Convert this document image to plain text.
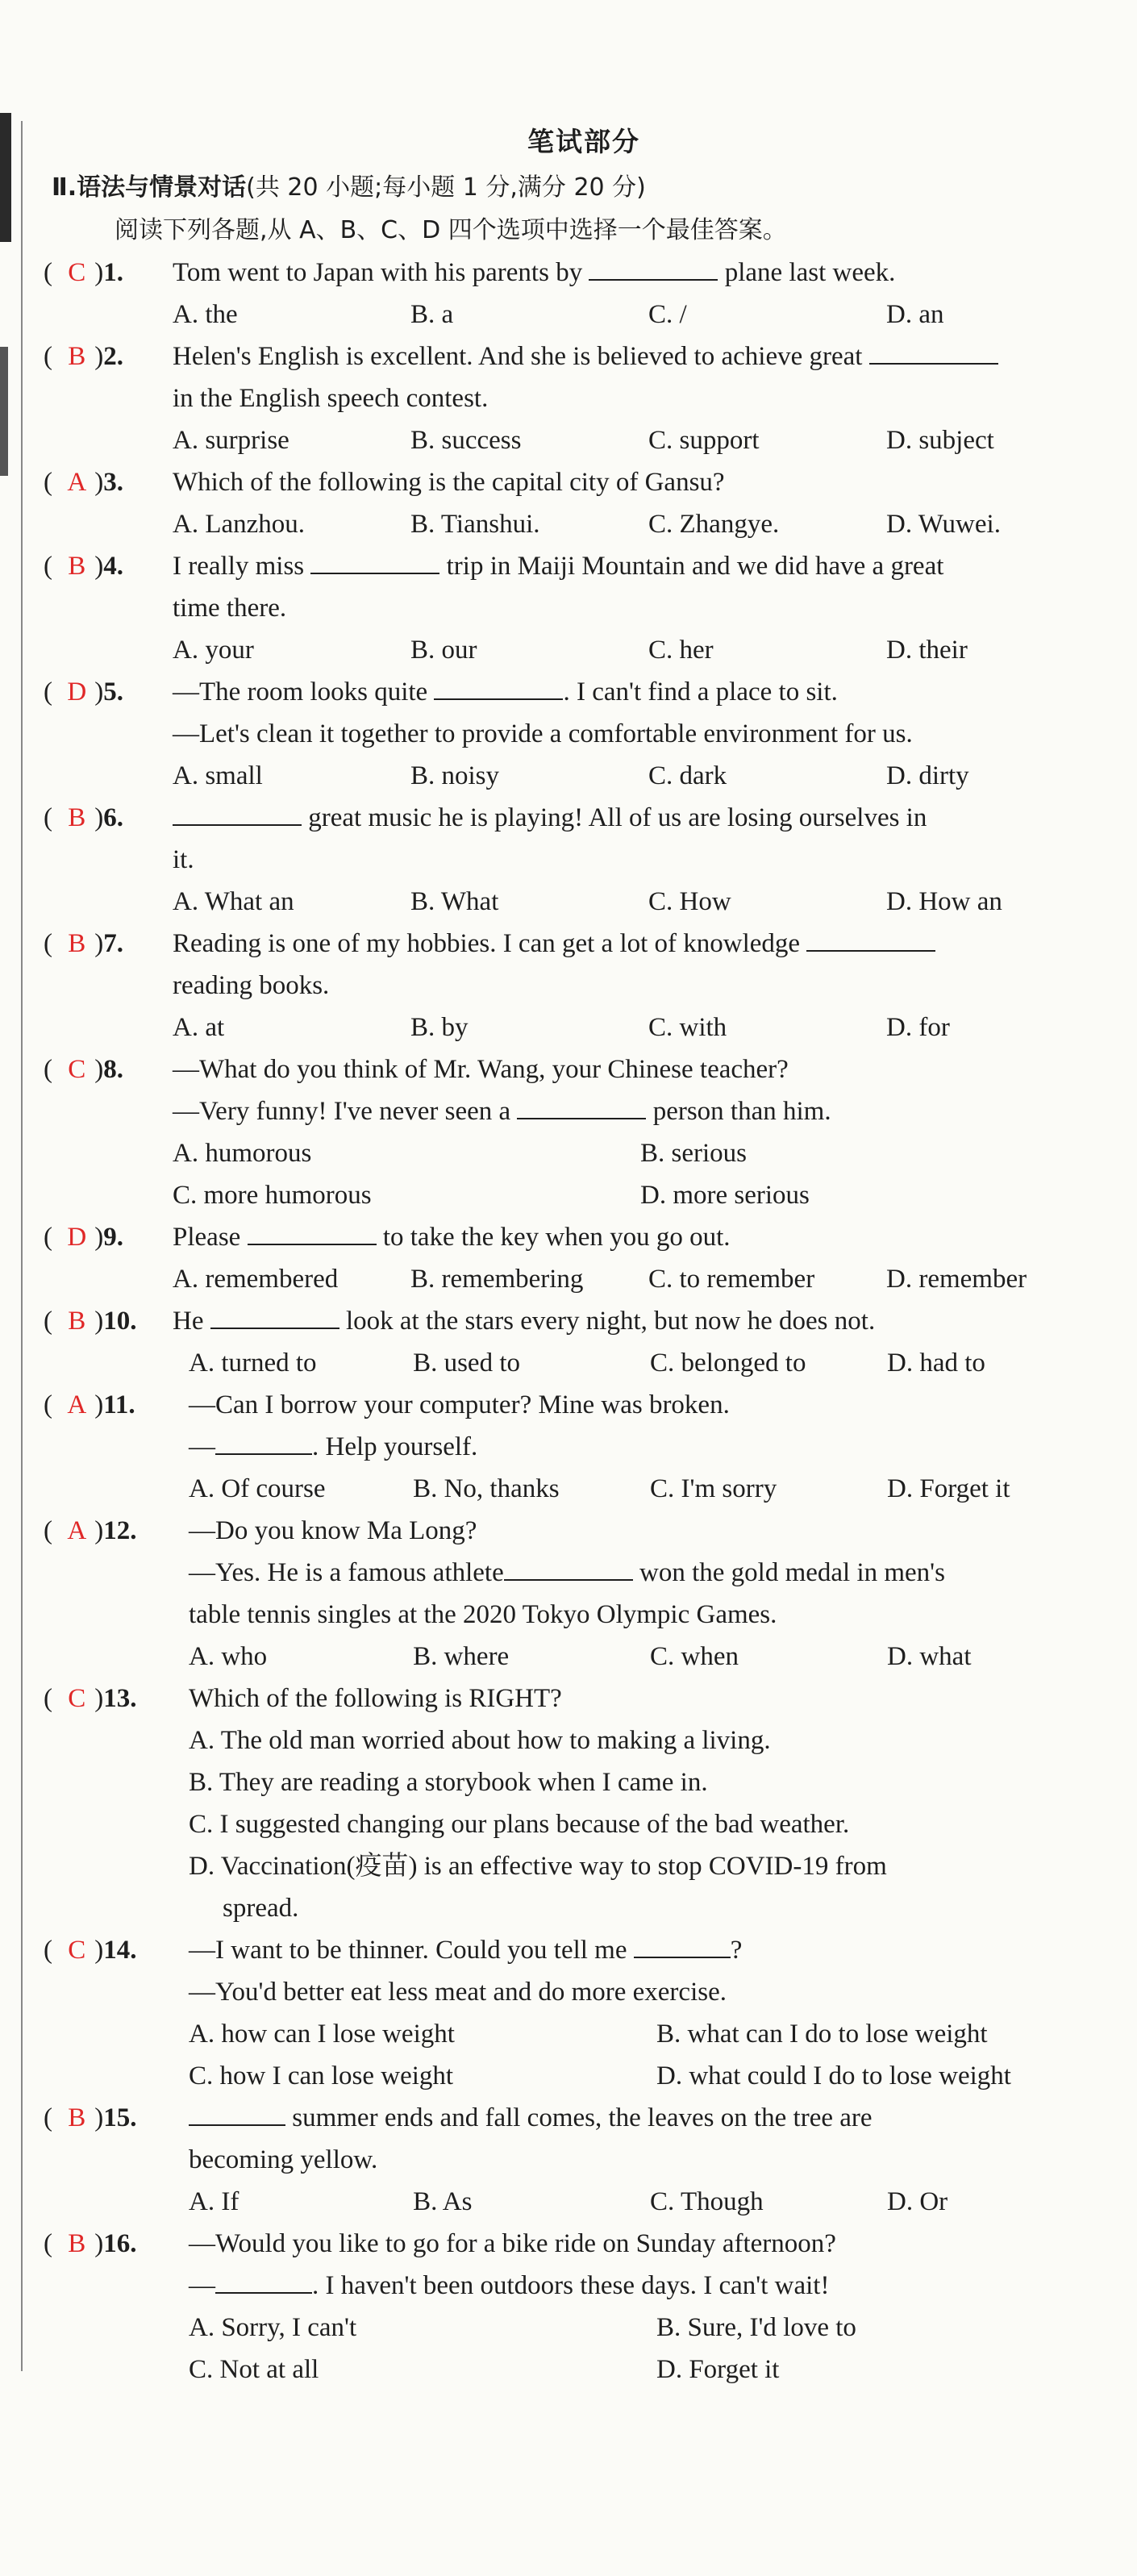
笔试部分
Ⅱ.语法与情景对话(共 20 小题;每小题 1 分,满分 20 分)
阅读下列各题,从 A、B、C、D 四个选项中选择一个最佳答案。
( C )1. Tom went to Japan with his parents by	plane last week.
A. the	B. a	C. /	D. an
( B )2. Helen's English is excellent. And she is believed to achieve great
in the English speech contest.
A. surprise	B. success	C. support	D. subject
( A )3. Which of the following is the capital city of Gansu?
A. Lanzhou.	B. Tianshui.	C. Zhangye.	D. Wuwei.
( B )4. I really miss	trip in Maiji Mountain and we did have a great
time there.
A. your	B. our	C. her	D. their
( D )5. —The room looks quite	. I can't find a place to sit.
—Let's clean it together to provide a comfortable environment for us.
A. small	B. noisy	C. dark	D. dirty
( B )6.	great music he is playing! All of us are losing ourselves in
it.
A. What an	B. What	C. How	D. How an
( B )7. Reading is one of my hobbies. I can get a lot of knowledge
reading books.
A. at	B. by	C. with	D. for
( C )8. —What do you think of Mr. Wang, your Chinese teacher?
—Very funny! I've never seen a	person than him.
A. humorous	B. serious
C. more humorous	D. more serious
( D )9. Please	to take the key when you go out.
A. remembered	B. remembering	C. to remember	D. remember
( B )10. He	look at the stars every night, but now he does not.
A. turned to	B. used to	C. belonged to	D. had to
( A )11. —Can I borrow your computer? Mine was broken.
—	. Help yourself.
A. Of course	B. No, thanks	C. I'm sorry	D. Forget it
( A )12. —Do you know Ma Long?
—Yes. He is a famous athlete	won the gold medal in men's
table tennis singles at the 2020 Tokyo Olympic Games.
A. who	B. where	C. when	D. what
( C )13. Which of the following is RIGHT?
A. The old man worried about how to making a living.
B. They are reading a storybook when I came in.
C. I suggested changing our plans because of the bad weather.
D. Vaccination(疫苗) is an effective way to stop COVID-19 from
spread.
( C )14. —I want to be thinner. Could you tell me	?
—You'd better eat less meat and do more exercise.
A. how can I lose weight	B. what can I do to lose weight
C. how I can lose weight	D. what could I do to lose weight
( B )15.	summer ends and fall comes, the leaves on the tree are
becoming yellow.
A. If	B. As	C. Though	D. Or
( B )16. —Would you like to go for a bike ride on Sunday afternoon?
—	. I haven't been outdoors these days. I can't wait!
A. Sorry, I can't	B. Sure, I'd love to
C. Not at all	D. Forget it
